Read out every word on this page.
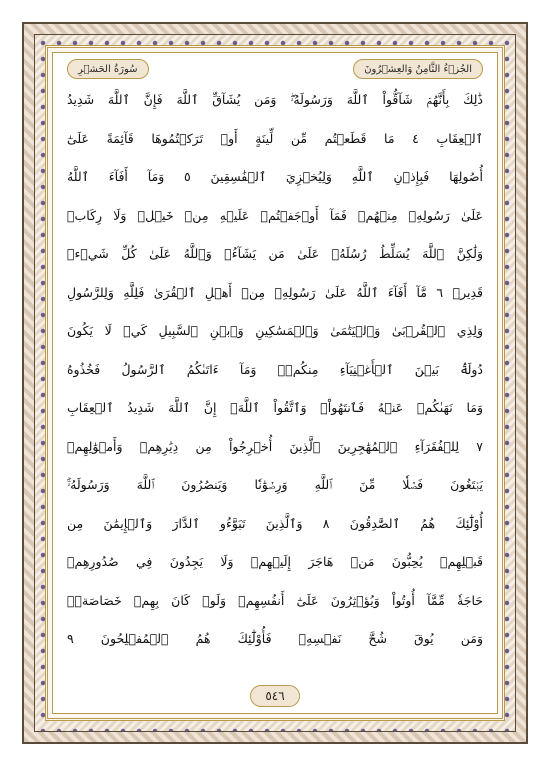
الجُزۡءُ الثَّامِنُ وَالعِشۡرُونَ
سُورَةُ الحَشۡرِ
ذَٰلِكَ بِأَنَّهُمۡ شَآقُّواْ ٱللَّهَ وَرَسُولَهُۥۖ وَمَن يُشَآقِّ ٱللَّهَ فَإِنَّ ٱللَّهَ شَدِيدُ
ٱلۡعِقَابِ ٤ مَا قَطَعۡتُم مِّن لِّينَةٍ أَوۡ تَرَكۡتُمُوهَا قَآئِمَةً عَلَىٰٓ
أُصُولِهَا فَبِإِذۡنِ ٱللَّهِ وَلِيُخۡزِيَ ٱلۡفَٰسِقِينَ ٥ وَمَآ أَفَآءَ ٱللَّهُ
عَلَىٰ رَسُولِهِۦ مِنۡهُمۡ فَمَآ أَوۡجَفۡتُمۡ عَلَيۡهِ مِنۡ خَيۡلٖ وَلَا رِكَابٖ
وَلَٰكِنَّ ٱللَّهَ يُسَلِّطُ رُسُلَهُۥ عَلَىٰ مَن يَشَآءُۚ وَٱللَّهُ عَلَىٰ كُلِّ شَيۡءٖ
قَدِيرٞ ٦ مَّآ أَفَآءَ ٱللَّهُ عَلَىٰ رَسُولِهِۦ مِنۡ أَهۡلِ ٱلۡقُرَىٰ فَلِلَّهِ وَلِلرَّسُولِ
وَلِذِي ٱلۡقُرۡبَىٰ وَٱلۡيَتَٰمَىٰ وَٱلۡمَسَٰكِينِ وَٱبۡنِ ٱلسَّبِيلِ كَيۡ لَا يَكُونَ
دُولَةَۢ بَيۡنَ ٱلۡأَغۡنِيَآءِ مِنكُمۡۚ وَمَآ ءَاتَىٰكُمُ ٱلرَّسُولُ فَخُذُوهُ
وَمَا نَهَىٰكُمۡ عَنۡهُ فَٱنتَهُواْۚ وَٱتَّقُواْ ٱللَّهَۖ إِنَّ ٱللَّهَ شَدِيدُ ٱلۡعِقَابِ
٧ لِلۡفُقَرَآءِ ٱلۡمُهَٰجِرِينَ ٱلَّذِينَ أُخۡرِجُواْ مِن دِيَٰرِهِمۡ وَأَمۡوَٰلِهِمۡ
يَبۡتَغُونَ فَضۡلٗا مِّنَ ٱللَّهِ وَرِضۡوَٰنٗا وَيَنصُرُونَ ٱللَّهَ وَرَسُولَهُۥٓۚ
أُوْلَٰٓئِكَ هُمُ ٱلصَّٰدِقُونَ ٨ وَٱلَّذِينَ تَبَوَّءُو ٱلدَّارَ وَٱلۡإِيمَٰنَ مِن
قَبۡلِهِمۡ يُحِبُّونَ مَنۡ هَاجَرَ إِلَيۡهِمۡ وَلَا يَجِدُونَ فِي صُدُورِهِمۡ
حَاجَةٗ مِّمَّآ أُوتُواْ وَيُؤۡثِرُونَ عَلَىٰٓ أَنفُسِهِمۡ وَلَوۡ كَانَ بِهِمۡ خَصَاصَةٞۚ
وَمَن يُوقَ شُحَّ نَفۡسِهِۦ فَأُوْلَٰٓئِكَ هُمُ ٱلۡمُفۡلِحُونَ ٩
٥٤٦
